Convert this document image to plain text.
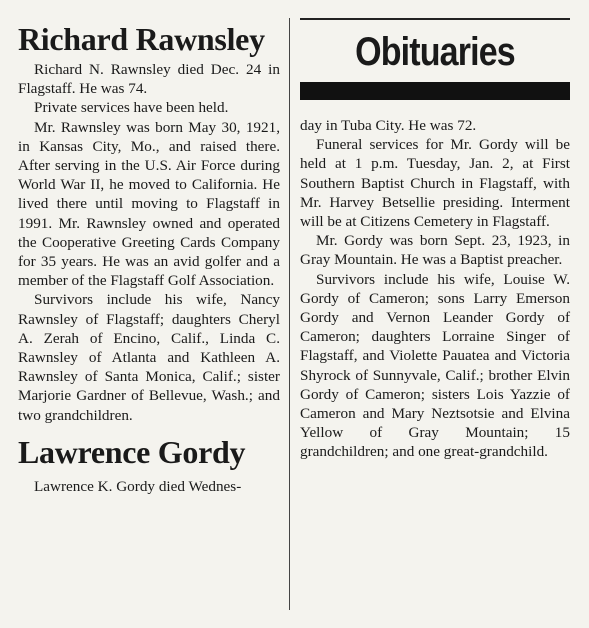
Richard Rawnsley

Richard N. Rawnsley died Dec. 24 in Flagstaff. He was 74.

Private services have been held.

Mr. Rawnsley was born May 30, 1921, in Kansas City, Mo., and raised there. After serving in the U.S. Air Force during World War II, he moved to California. He lived there until moving to Flagstaff in 1991. Mr. Rawnsley owned and operated the Cooperative Greeting Cards Company for 35 years. He was an avid golfer and a member of the Flagstaff Golf Association.

Survivors include his wife, Nancy Rawnsley of Flagstaff; daughters Cheryl A. Zerah of Encino, Calif., Linda C. Rawnsley of Atlanta and Kathleen A. Rawnsley of Santa Monica, Calif.; sister Marjorie Gardner of Bellevue, Wash.; and two grandchildren.

Lawrence Gordy

Lawrence K. Gordy died Wednes-

Obituaries

day in Tuba City. He was 72.

Funeral services for Mr. Gordy will be held at 1 p.m. Tuesday, Jan. 2, at First Southern Baptist Church in Flagstaff, with Mr. Harvey Betsellie presiding. Interment will be at Citizens Cemetery in Flagstaff.

Mr. Gordy was born Sept. 23, 1923, in Gray Mountain. He was a Baptist preacher.

Survivors include his wife, Louise W. Gordy of Cameron; sons Larry Emerson Gordy and Vernon Leander Gordy of Cameron; daughters Lorraine Singer of Flagstaff, and Violette Pauatea and Victoria Shyrock of Sunnyvale, Calif.; brother Elvin Gordy of Cameron; sisters Lois Yazzie of Cameron and Mary Neztsotsie and Elvina Yellow of Gray Mountain; 15 grandchildren; and one great-grandchild.
